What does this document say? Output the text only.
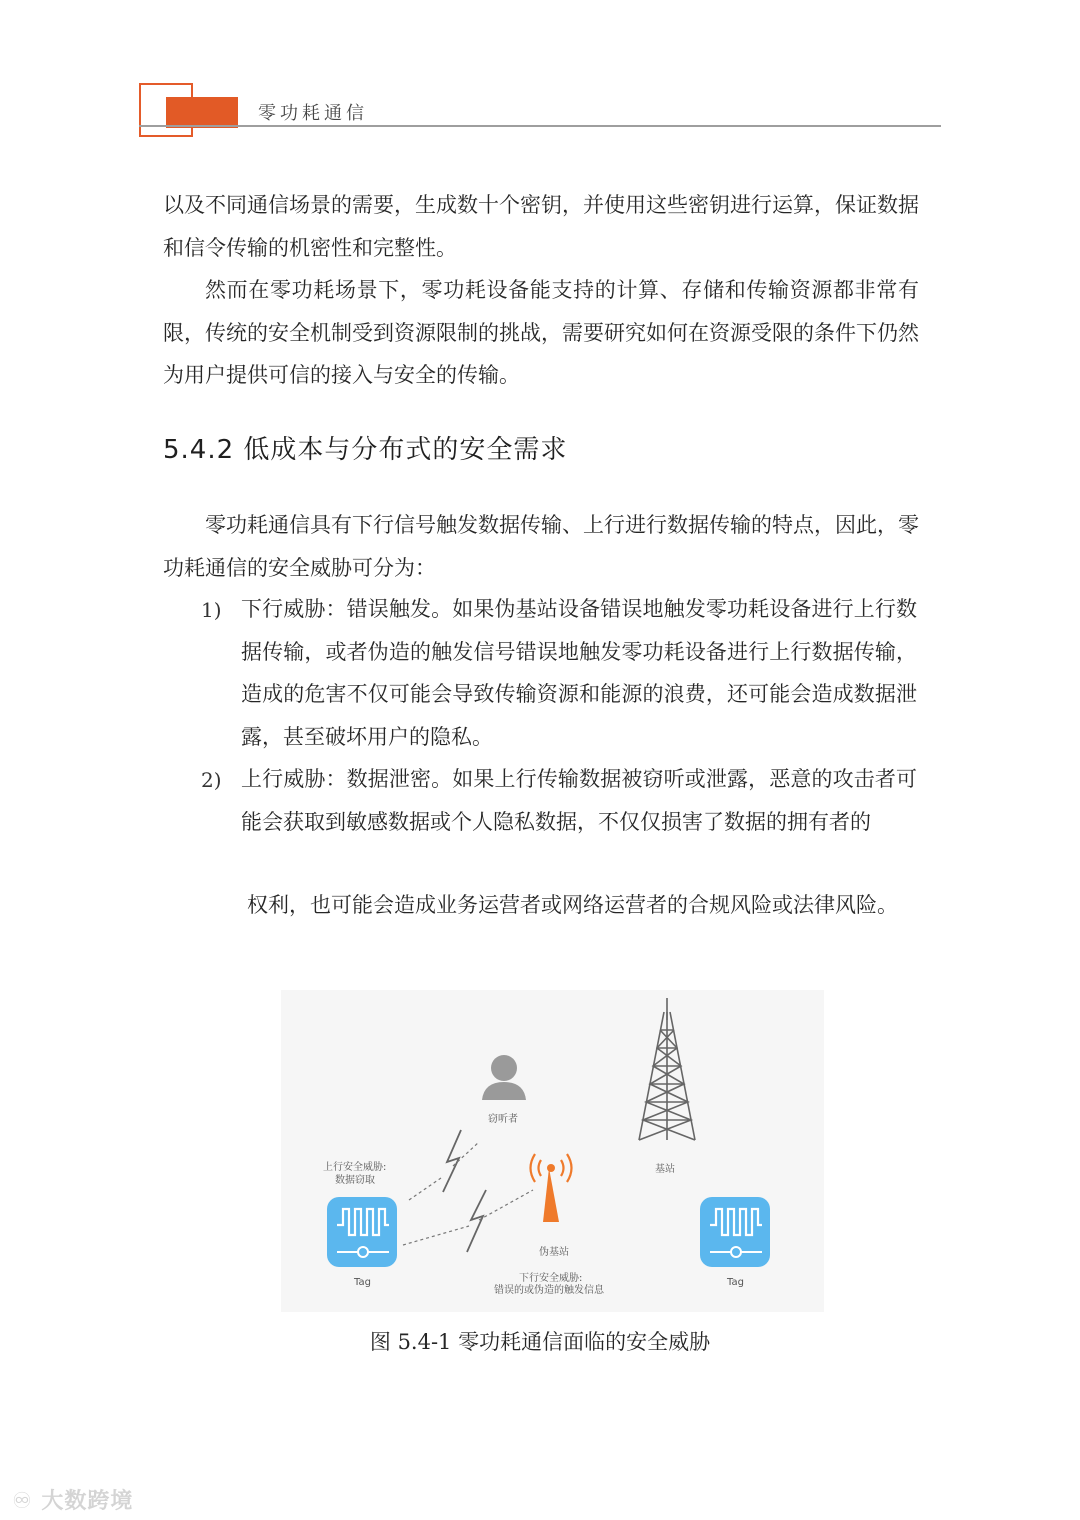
零功耗通信

以及不同通信场景的需要，生成数十个密钥，并使用这些密钥进行运算，保证数据和信令传输的机密性和完整性。

然而在零功耗场景下，零功耗设备能支持的计算、存储和传输资源都非常有限，传统的安全机制受到资源限制的挑战，需要研究如何在资源受限的条件下仍然为用户提供可信的接入与安全的传输。

5.4.2 低成本与分布式的安全需求

零功耗通信具有下行信号触发数据传输、上行进行数据传输的特点，因此，零功耗通信的安全威胁可分为：

1) 下行威胁：错误触发。如果伪基站设备错误地触发零功耗设备进行上行数据传输，或者伪造的触发信号错误地触发零功耗设备进行上行数据传输，造成的危害不仅可能会导致传输资源和能源的浪费，还可能会造成数据泄露，甚至破坏用户的隐私。

2) 上行威胁：数据泄密。如果上行传输数据被窃听或泄露，恶意的攻击者可能会获取到敏感数据或个人隐私数据，不仅仅损害了数据的拥有者的

权利，也可能会造成业务运营者或网络运营者的合规风险或法律风险。

窃听者
基站
上行安全威胁:
数据窃取
伪基站
下行安全威胁:
错误的或伪造的触发信息
Tag	Tag
图 5.4-1 零功耗通信面临的安全威胁
♾ 大数跨境
